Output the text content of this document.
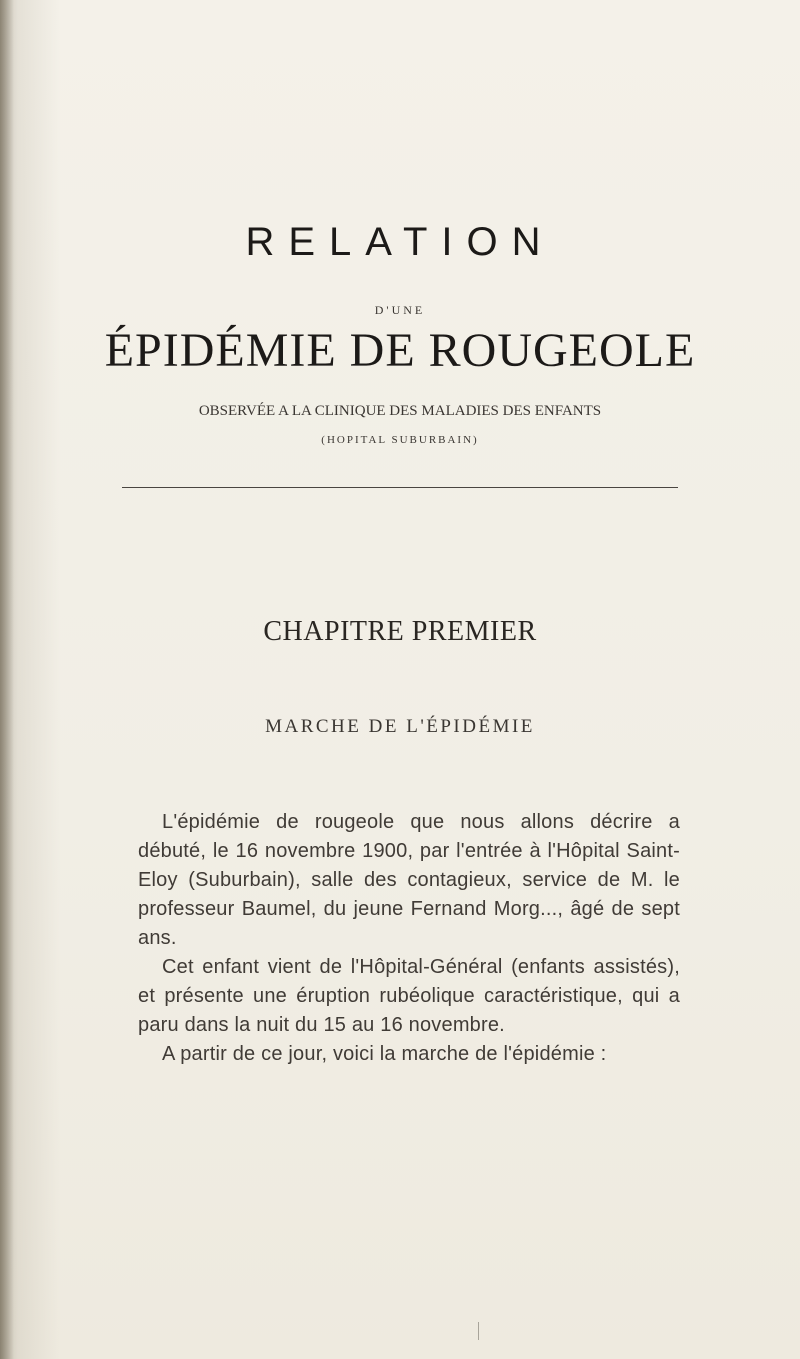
RELATION
D'UNE
ÉPIDÉMIE DE ROUGEOLE
OBSERVÉE A LA CLINIQUE DES MALADIES DES ENFANTS
(HOPITAL SUBURBAIN)
CHAPITRE PREMIER
MARCHE DE L'ÉPIDÉMIE

L'épidémie de rougeole que nous allons décrire a débuté, le 16 novembre 1900, par l'entrée à l'Hôpital Saint-Eloy (Suburbain), salle des contagieux, service de M. le professeur Baumel, du jeune Fernand Morg..., âgé de sept ans.

Cet enfant vient de l'Hôpital-Général (enfants assistés), et présente une éruption rubéolique caractéristique, qui a paru dans la nuit du 15 au 16 novembre.

A partir de ce jour, voici la marche de l'épidémie :
